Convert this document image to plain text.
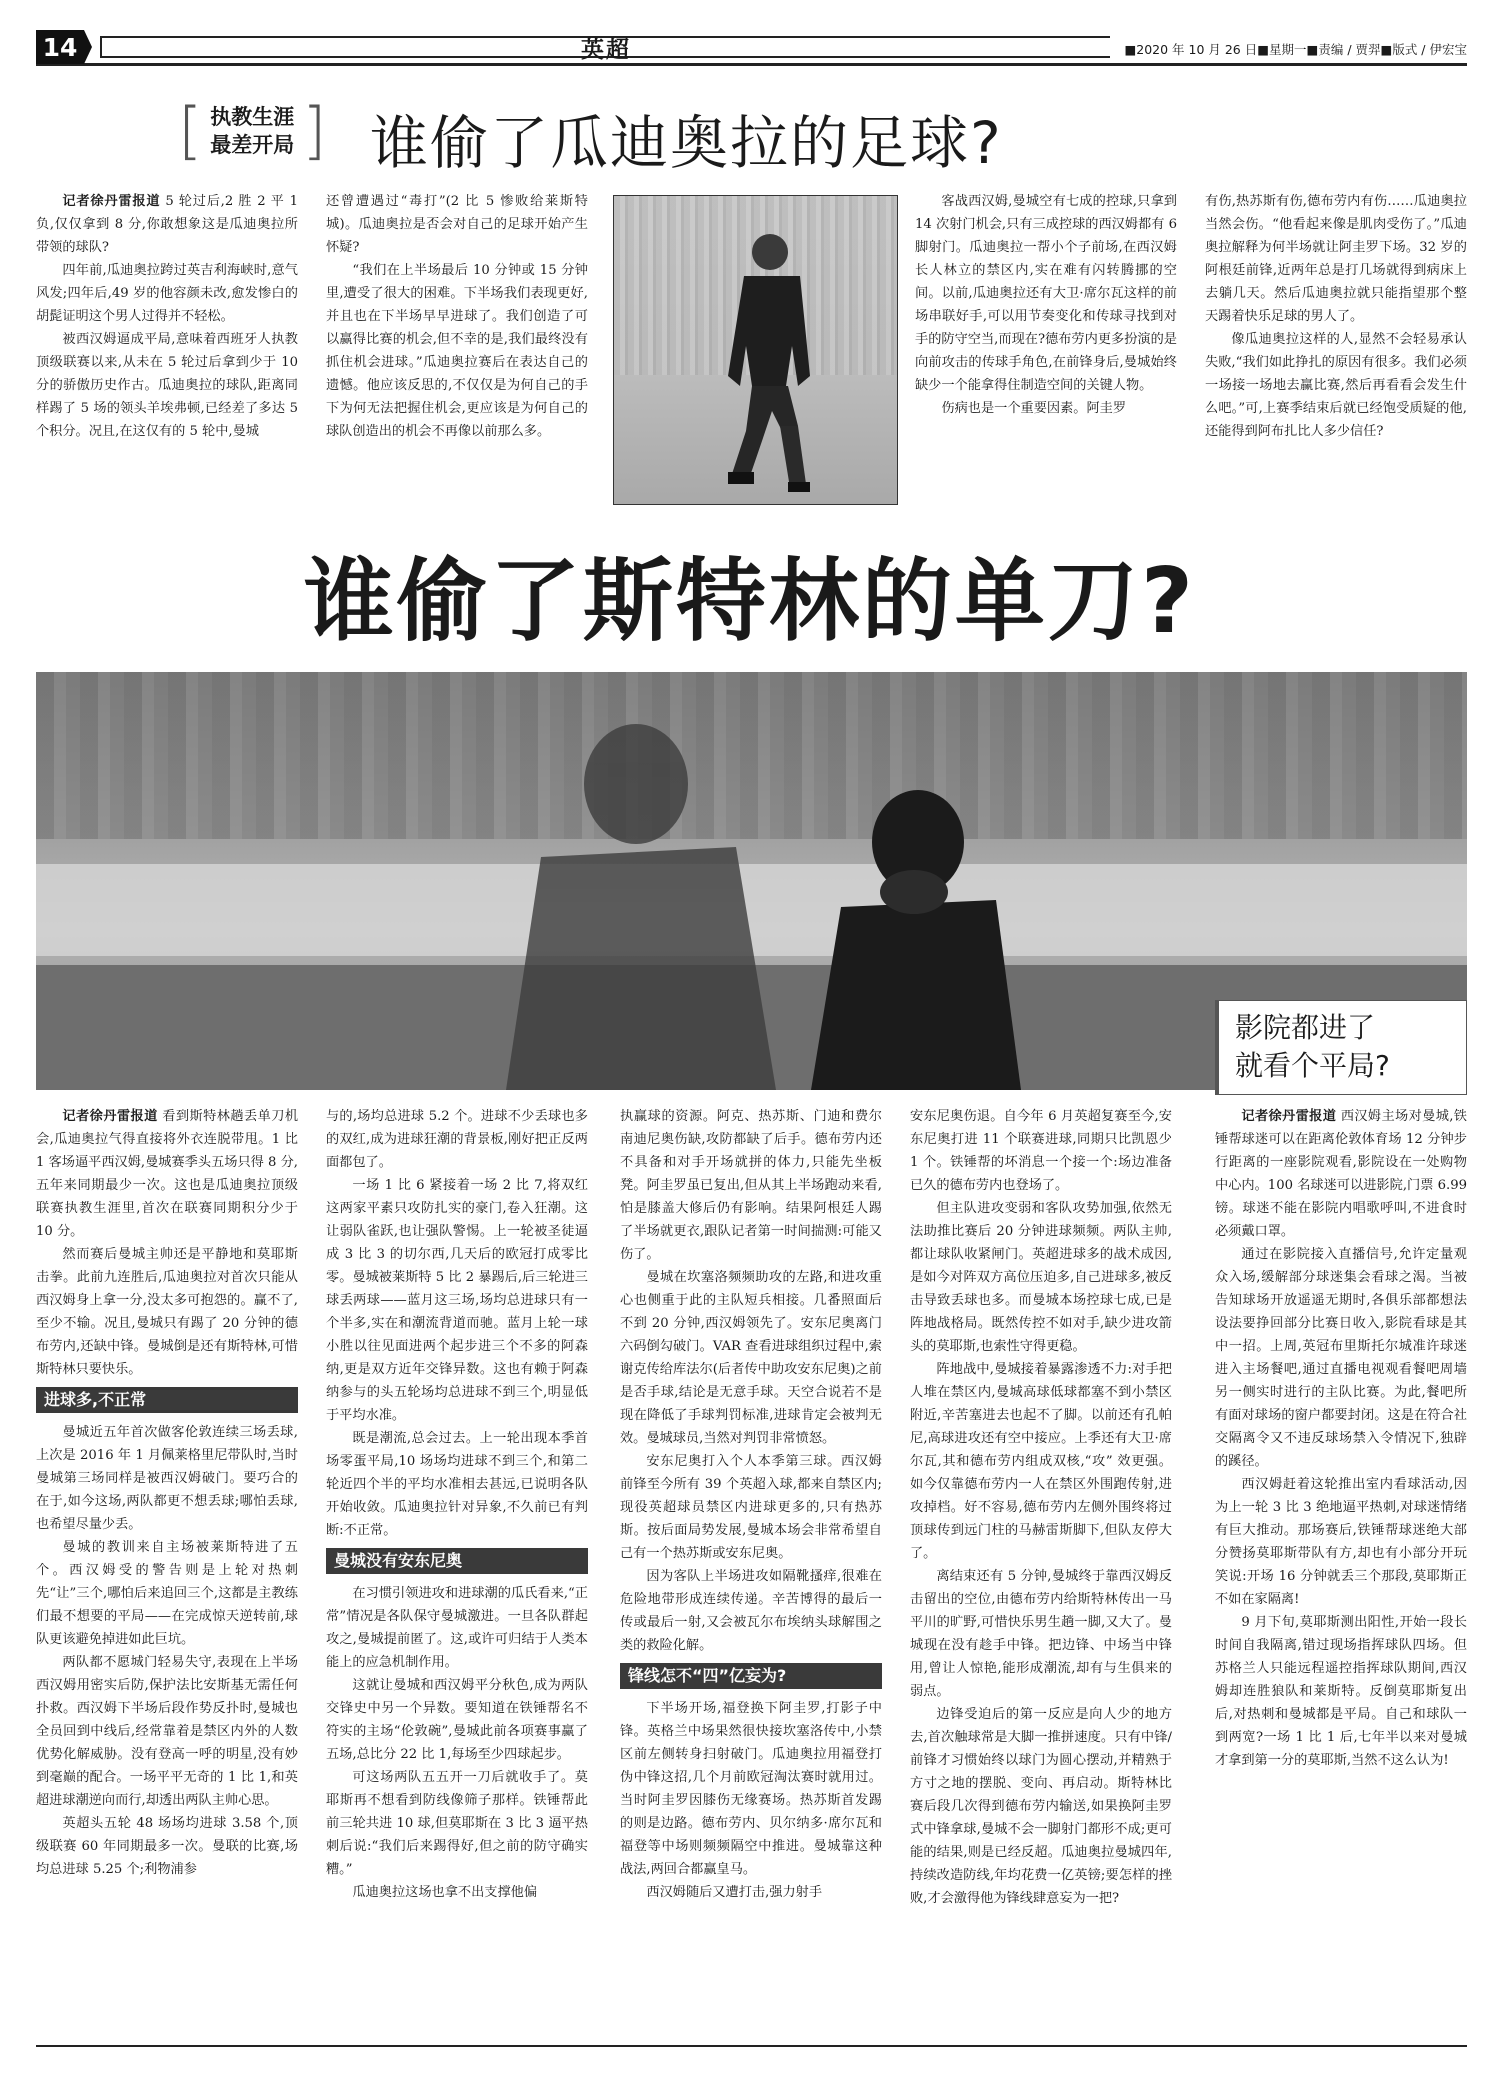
14	英超	■2020 年 10 月 26 日■星期一■责编 / 贾羿■版式 / 伊宏宝
[ 执教生涯
最差开局 ] 谁偷了瓜迪奥拉的足球?

记者徐丹雷报道 5 轮过后,2 胜 2 平 1 负,仅仅拿到 8 分,你敢想象这是瓜迪奥拉所带领的球队?

四年前,瓜迪奥拉跨过英吉利海峡时,意气风发;四年后,49 岁的他容颜未改,愈发惨白的胡髭证明这个男人过得并不轻松。

被西汉姆逼成平局,意味着西班牙人执教顶级联赛以来,从未在 5 轮过后拿到少于 10 分的骄傲历史作古。瓜迪奥拉的球队,距离同样踢了 5 场的领头羊埃弗顿,已经差了多达 5 个积分。况且,在这仅有的 5 轮中,曼城

还曾遭遇过“毒打”(2 比 5 惨败给莱斯特城)。瓜迪奥拉是否会对自己的足球开始产生怀疑?

“我们在上半场最后 10 分钟或 15 分钟里,遭受了很大的困难。下半场我们表现更好,并且也在下半场早早进球了。我们创造了可以赢得比赛的机会,但不幸的是,我们最终没有抓住机会进球。”瓜迪奥拉赛后在表达自己的遗憾。他应该反思的,不仅仅是为何自己的手下为何无法把握住机会,更应该是为何自己的球队创造出的机会不再像以前那么多。

客战西汉姆,曼城空有七成的控球,只拿到 14 次射门机会,只有三成控球的西汉姆都有 6 脚射门。瓜迪奥拉一帮小个子前场,在西汉姆长人林立的禁区内,实在难有闪转腾挪的空间。以前,瓜迪奥拉还有大卫·席尔瓦这样的前场串联好手,可以用节奏变化和传球寻找到对手的防守空当,而现在?德布劳内更多扮演的是向前攻击的传球手角色,在前锋身后,曼城始终缺少一个能拿得住制造空间的关键人物。

伤病也是一个重要因素。阿圭罗

有伤,热苏斯有伤,德布劳内有伤……瓜迪奥拉当然会伤。“他看起来像是肌肉受伤了。”瓜迪奥拉解释为何半场就让阿圭罗下场。32 岁的阿根廷前锋,近两年总是打几场就得到病床上去躺几天。然后瓜迪奥拉就只能指望那个整天踢着快乐足球的男人了。

像瓜迪奥拉这样的人,显然不会轻易承认失败,“我们如此挣扎的原因有很多。我们必须一场接一场地去赢比赛,然后再看看会发生什么吧。”可,上赛季结束后就已经饱受质疑的他,还能得到阿布扎比人多少信任?

谁偷了斯特林的单刀?
影院都进了
就看个平局?

记者徐丹雷报道 看到斯特林趟丢单刀机会,瓜迪奥拉气得直接将外衣连脱带甩。1 比 1 客场逼平西汉姆,曼城赛季头五场只得 8 分,五年来同期最少一次。这也是瓜迪奥拉顶级联赛执教生涯里,首次在联赛同期积分少于 10 分。

然而赛后曼城主帅还是平静地和莫耶斯击拳。此前九连胜后,瓜迪奥拉对首次只能从西汉姆身上拿一分,没太多可抱怨的。赢不了,至少不输。况且,曼城只有踢了 20 分钟的德布劳内,还缺中锋。曼城倒是还有斯特林,可惜斯特林只要快乐。

进球多,不正常

曼城近五年首次做客伦敦连续三场丢球,上次是 2016 年 1 月佩莱格里尼带队时,当时曼城第三场同样是被西汉姆破门。要巧合的在于,如今这场,两队都更不想丢球;哪怕丢球,也希望尽量少丢。

曼城的教训来自主场被莱斯特进了五个。西汉姆受的警告则是上轮对热刺先“让”三个,哪怕后来追回三个,这都是主教练们最不想要的平局——在完成惊天逆转前,球队更该避免掉进如此巨坑。

两队都不愿城门轻易失守,表现在上半场西汉姆用密实后防,保护法比安斯基无需任何扑救。西汉姆下半场后段作势反扑时,曼城也全员回到中线后,经常靠着是禁区内外的人数优势化解威胁。没有登高一呼的明星,没有妙到毫巅的配合。一场平平无奇的 1 比 1,和英超进球潮逆向而行,却透出两队主帅心思。

英超头五轮 48 场场均进球 3.58 个,顶级联赛 60 年同期最多一次。曼联的比赛,场均总进球 5.25 个;利物浦参

与的,场均总进球 5.2 个。进球不少丢球也多的双红,成为进球狂潮的背景板,刚好把正反两面都包了。

一场 1 比 6 紧接着一场 2 比 7,将双红这两家平素只攻防扎实的豪门,卷入狂潮。这让弱队雀跃,也让强队警惕。上一轮被圣徒逼成 3 比 3 的切尔西,几天后的欧冠打成零比零。曼城被莱斯特 5 比 2 暴踢后,后三轮进三球丢两球——蓝月这三场,场均总进球只有一个半多,实在和潮流背道而驰。蓝月上轮一球小胜以往见面进两个起步进三个不多的阿森纳,更是双方近年交锋异数。这也有赖于阿森纳参与的头五轮场均总进球不到三个,明显低于平均水准。

既是潮流,总会过去。上一轮出现本季首场零蛋平局,10 场场均进球不到三个,和第二轮近四个半的平均水准相去甚远,已说明各队开始收敛。瓜迪奥拉针对异象,不久前已有判断:不正常。

曼城没有安东尼奥

在习惯引领进攻和进球潮的瓜氏看来,“正常”情况是各队保守曼城激进。一旦各队群起攻之,曼城提前匿了。这,或许可归结于人类本能上的应急机制作用。

这就让曼城和西汉姆平分秋色,成为两队交锋史中另一个异数。要知道在铁锤帮名不符实的主场“伦敦碗”,曼城此前各项赛事赢了五场,总比分 22 比 1,每场至少四球起步。

可这场两队五五开一刀后就收手了。莫耶斯再不想看到防线像筛子那样。铁锤帮此前三轮共进 10 球,但莫耶斯在 3 比 3 逼平热刺后说:“我们后来踢得好,但之前的防守确实糟。”

瓜迪奥拉这场也拿不出支撑他偏

执赢球的资源。阿克、热苏斯、门迪和费尔南迪尼奥伤缺,攻防都缺了后手。德布劳内还不具备和对手开场就拼的体力,只能先坐板凳。阿圭罗虽已复出,但从其上半场跑动来看,怕是膝盖大修后仍有影响。结果阿根廷人踢了半场就更衣,跟队记者第一时间揣测:可能又伤了。

曼城在坎塞洛频频助攻的左路,和进攻重心也侧重于此的主队短兵相接。几番照面后不到 20 分钟,西汉姆领先了。安东尼奥离门六码倒勾破门。VAR 查看进球组织过程中,索谢克传给库法尔(后者传中助攻安东尼奥)之前是否手球,结论是无意手球。天空合说若不是现在降低了手球判罚标准,进球肯定会被判无效。曼城球员,当然对判罚非常愤怒。

安东尼奥打入个人本季第三球。西汉姆前锋至今所有 39 个英超入球,都来自禁区内;现役英超球员禁区内进球更多的,只有热苏斯。按后面局势发展,曼城本场会非常希望自己有一个热苏斯或安东尼奥。

因为客队上半场进攻如隔靴搔痒,很难在危险地带形成连续传递。辛苦博得的最后一传或最后一射,又会被瓦尔布埃纳头球解围之类的救险化解。

锋线怎不“四”亿妄为?

下半场开场,福登换下阿圭罗,打影子中锋。英格兰中场果然很快接坎塞洛传中,小禁区前左侧转身扫射破门。瓜迪奥拉用福登打伪中锋这招,几个月前欧冠淘汰赛时就用过。当时阿圭罗因膝伤无缘赛场。热苏斯首发踢的则是边路。德布劳内、贝尔纳多·席尔瓦和福登等中场则频频隔空中推进。曼城靠这种战法,两回合都赢皇马。

西汉姆随后又遭打击,强力射手

安东尼奥伤退。自今年 6 月英超复赛至今,安东尼奥打进 11 个联赛进球,同期只比凯恩少 1 个。铁锤帮的坏消息一个接一个:场边准备已久的德布劳内也登场了。

但主队进攻变弱和客队攻势加强,依然无法助推比赛后 20 分钟进球频频。两队主帅,都让球队收紧闸门。英超进球多的战术成因,是如今对阵双方高位压迫多,自己进球多,被反击导致丢球也多。而曼城本场控球七成,已是阵地战格局。既然传控不如对手,缺少进攻箭头的莫耶斯,也索性守得更稳。

阵地战中,曼城接着暴露渗透不力:对手把人堆在禁区内,曼城高球低球都塞不到小禁区附近,辛苦塞进去也起不了脚。以前还有孔帕尼,高球进攻还有空中接应。上季还有大卫·席尔瓦,其和德布劳内组成双核,“攻” 效更强。如今仅靠德布劳内一人在禁区外围跑传射,进攻掉档。好不容易,德布劳内左侧外围终将过顶球传到远门柱的马赫雷斯脚下,但队友停大了。

离结束还有 5 分钟,曼城终于靠西汉姆反击留出的空位,由德布劳内给斯特林传出一马平川的旷野,可惜快乐男生趟一脚,又大了。曼城现在没有趁手中锋。把边锋、中场当中锋用,曾让人惊艳,能形成潮流,却有与生俱来的弱点。

边锋受迫后的第一反应是向人少的地方去,首次触球常是大脚一推拼速度。只有中锋/前锋才习惯始终以球门为圆心摆动,并精熟于方寸之地的摆脱、变向、再启动。斯特林比赛后段几次得到德布劳内输送,如果换阿圭罗式中锋拿球,曼城不会一脚射门都形不成;更可能的结果,则是已经反超。瓜迪奥拉曼城四年,持续改造防线,年均花费一亿英镑;要怎样的挫败,才会激得他为锋线肆意妄为一把?

记者徐丹雷报道 西汉姆主场对曼城,铁锤帮球迷可以在距离伦敦体育场 12 分钟步行距离的一座影院观看,影院设在一处购物中心内。100 名球迷可以进影院,门票 6.99 镑。球迷不能在影院内唱歌呼叫,不进食时必须戴口罩。

通过在影院接入直播信号,允许定量观众入场,缓解部分球迷集会看球之渴。当被告知球场开放遥遥无期时,各俱乐部都想法设法要挣回部分比赛日收入,影院看球是其中一招。上周,英冠布里斯托尔城准许球迷进入主场餐吧,通过直播电视观看餐吧周墙另一侧实时进行的主队比赛。为此,餐吧所有面对球场的窗户都要封闭。这是在符合社交隔离令又不违反球场禁入令情况下,独辟的蹊径。

西汉姆赶着这轮推出室内看球活动,因为上一轮 3 比 3 绝地逼平热刺,对球迷情绪有巨大推动。那场赛后,铁锤帮球迷绝大部分赞扬莫耶斯带队有方,却也有小部分开玩笑说:开场 16 分钟就丢三个那段,莫耶斯正不如在家隔离!

9 月下旬,莫耶斯测出阳性,开始一段长时间自我隔离,错过现场指挥球队四场。但苏格兰人只能远程遥控指挥球队期间,西汉姆却连胜狼队和莱斯特。反倒莫耶斯复出后,对热刺和曼城都是平局。自己和球队一到两宽?一场 1 比 1 后,七年半以来对曼城才拿到第一分的莫耶斯,当然不这么认为!
